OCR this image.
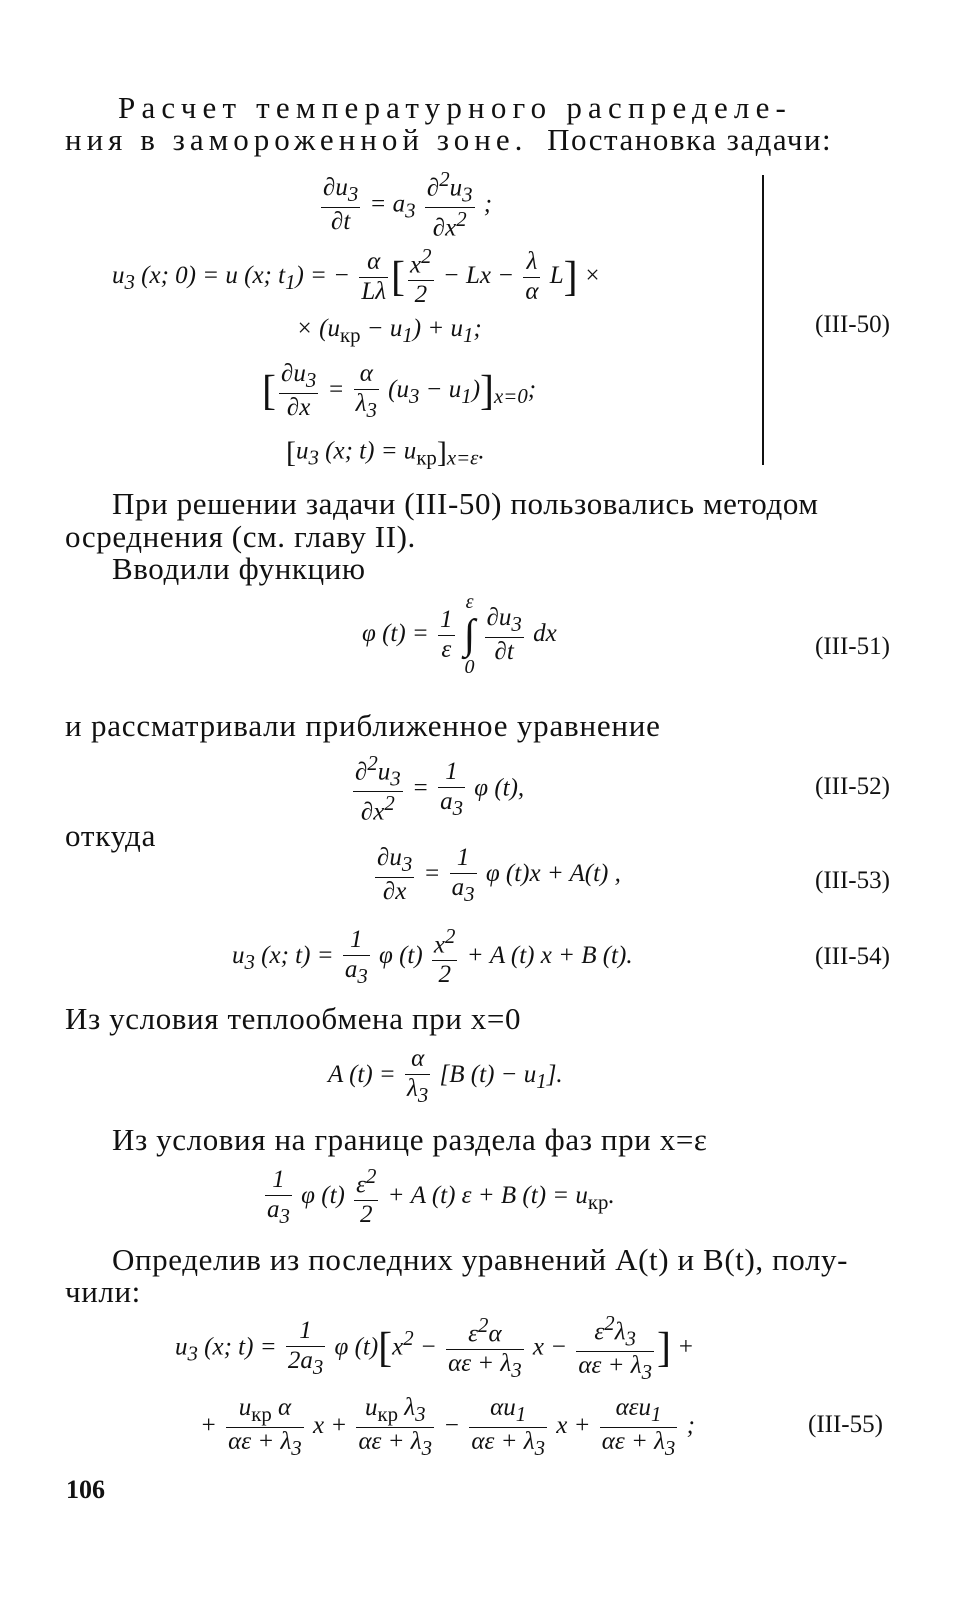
Расчет температурного распределе-
ния в замороженной зоне. Постановка задачи:
$\frac{\partial u_3}{\partial t} = a_3 \frac{\partial^2u_3}{\partial x^2}$ ;
$u_3$ (x; 0) = u (x; $t_1$) = − $\frac{\alpha}{L\lambda}$ [ $\frac{x^2}{2} - Lx - \frac{\lambda}{\alpha} L$] ×
× $(u_{кр} - u_1) + u_1$;
[ $\frac{\partial u_3}{\partial x} = \frac{\alpha}{\lambda_3} (u_3 - u_1)]_{x=0}$;
[$u_3$ (x; $t) = u_{кр}]_{x=\varepsilon}$.
(III-50)
При решении задачи (III-50) пользовались методом
осреднения (см. главу II).
Вводили функцию
φ $(t) = \frac{1}{\varepsilon}$
ε
∫
0
$\frac{\partial u_3}{\partial t}$ dx	(III-51)
и рассматривали приближенное уравнение
$\frac{\partial^2u_3}{\partial x^2} = \frac{1}{a_3}$ φ (t),	(III-52)
откуда
$\frac{\partial u_3}{\partial x} = \frac{1}{a_3}$ φ (t)x + A(t) ,	(III-53)
$u_3$ (x; $t) = \frac{1}{a_3}$ φ $(t) \frac{x^2}{2} + A$ (t) x + B (t).	(III-54)
Из условия теплообмена при x=0
A $(t) = \frac{\alpha}{\lambda_3} [B$ $(t) - u_1$].
Из условия на границе раздела фаз при x=ε
$\frac{1}{a_3}$ φ $(t) \frac{\varepsilon^2}{2} + A$ (t) ε + B $(t) = u_{кр}$.
Определив из последних уравнений A(t) и B(t), полу-
чили:
$u_3$ (x; $t) = \frac{1}{2a_3}$ φ $(t)[x^2 - \frac{\varepsilon^2\alpha}{\alpha\varepsilon + \lambda_3}$ $x - \frac{\varepsilon^2\lambda_3}{\alpha\varepsilon + \lambda_3}$ ] +
+ $\frac{u_{кр} \alpha}{\alpha\varepsilon + \lambda_3}$ $x + \frac{u_{кр} \lambda_3}{\alpha\varepsilon + \lambda_3} - \frac{\alpha u_1}{\alpha\varepsilon + \lambda_3}$ $x + \frac{\alpha\varepsilon u_1}{\alpha\varepsilon + \lambda_3}$ ;	(III-55)
106
